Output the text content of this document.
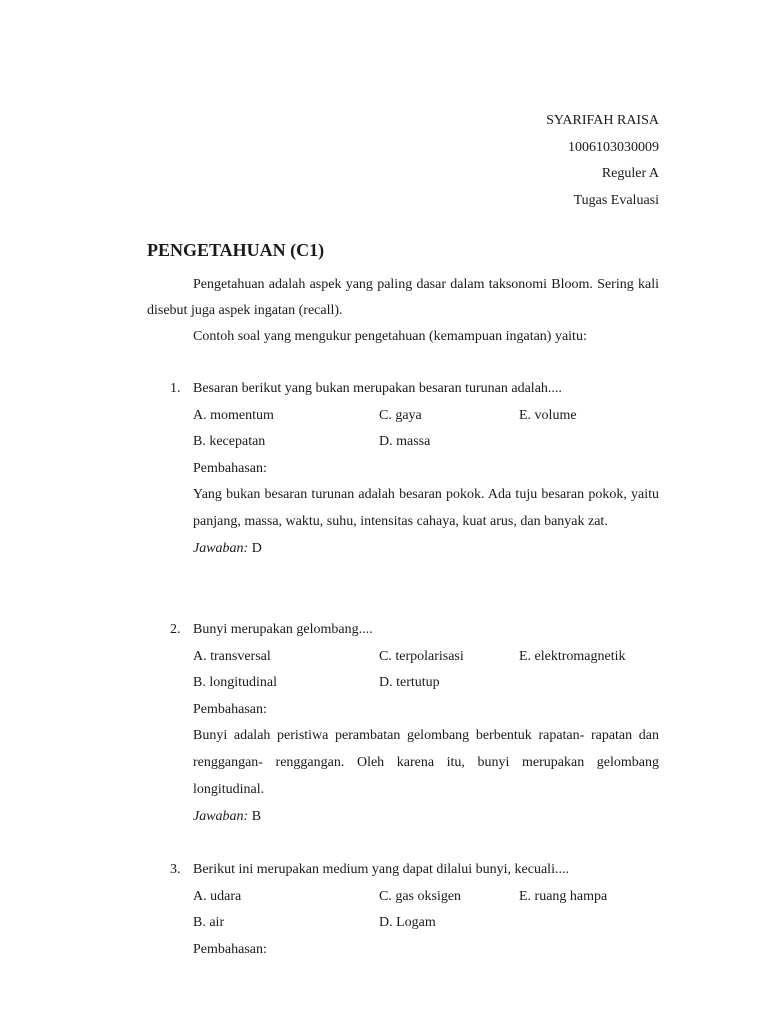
SYARIFAH RAISA
1006103030009
Reguler A
Tugas Evaluasi
PENGETAHUAN (C1)
Pengetahuan adalah aspek yang paling dasar dalam taksonomi Bloom. Sering kali disebut juga aspek ingatan (recall).
Contoh soal yang mengukur pengetahuan (kemampuan ingatan) yaitu:
1. Besaran berikut yang bukan merupakan besaran turunan adalah....
A. momentum	C. gaya	E. volume
B. kecepatan	D. massa
Pembahasan:
Yang bukan besaran turunan adalah besaran pokok. Ada tuju besaran pokok, yaitu panjang, massa, waktu, suhu, intensitas cahaya, kuat arus, dan banyak zat.
Jawaban: D
2. Bunyi merupakan gelombang....
A. transversal	C. terpolarisasi	E. elektromagnetik
B. longitudinal	D. tertutup
Pembahasan:
Bunyi adalah peristiwa perambatan gelombang berbentuk rapatan- rapatan dan renggangan- renggangan. Oleh karena itu, bunyi merupakan gelombang longitudinal.
Jawaban: B
3. Berikut ini merupakan medium yang dapat dilalui bunyi, kecuali....
A. udara	C. gas oksigen	E. ruang hampa
B. air	D. Logam
Pembahasan:
